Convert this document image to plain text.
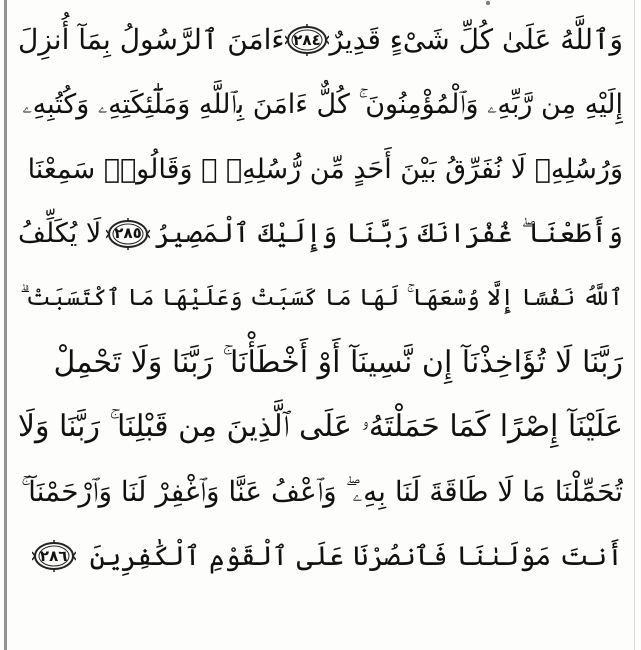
وَٱللَّهُ عَلَىٰ كُلِّ شَىْءٍ قَدِيرٌ
٢٨٤
ءَامَنَ ٱلرَّسُولُ بِمَآ أُنزِلَ
إِلَيْهِ مِن رَّبِّهِۦ وَٱلْمُؤْمِنُونَ ۚ كُلٌّ ءَامَنَ بِٱللَّهِ وَمَلَٰٓئِكَتِهِۦ وَكُتُبِهِۦ
وَرُسُلِهِۦ لَا نُفَرِّقُ بَيْنَ أَحَدٍ مِّن رُّسُلِهِۦ ۚ وَقَالُوا۟ سَمِعْنَا
وَأَطَعْنَا ۖ غُفْرَانَكَ رَبَّنَا وَإِلَيْكَ ٱلْمَصِيرُ
٢٨٥
لَا يُكَلِّفُ
ٱللَّهُ نَفْسًا إِلَّا وُسْعَهَا ۚ لَهَا مَا كَسَبَتْ وَعَلَيْهَا مَا ٱكْتَسَبَتْ ۗ
رَبَّنَا لَا تُؤَاخِذْنَآ إِن نَّسِينَآ أَوْ أَخْطَأْنَا ۚ رَبَّنَا وَلَا تَحْمِلْ
عَلَيْنَآ إِصْرًا كَمَا حَمَلْتَهُۥ عَلَى ٱلَّذِينَ مِن قَبْلِنَا ۚ رَبَّنَا وَلَا
تُحَمِّلْنَا مَا لَا طَاقَةَ لَنَا بِهِۦ ۖ وَٱعْفُ عَنَّا وَٱغْفِرْ لَنَا وَٱرْحَمْنَآ ۚ
أَنتَ مَوْلَىٰنَا فَٱنصُرْنَا عَلَى ٱلْقَوْمِ ٱلْكَٰفِرِينَ
٢٨٦
